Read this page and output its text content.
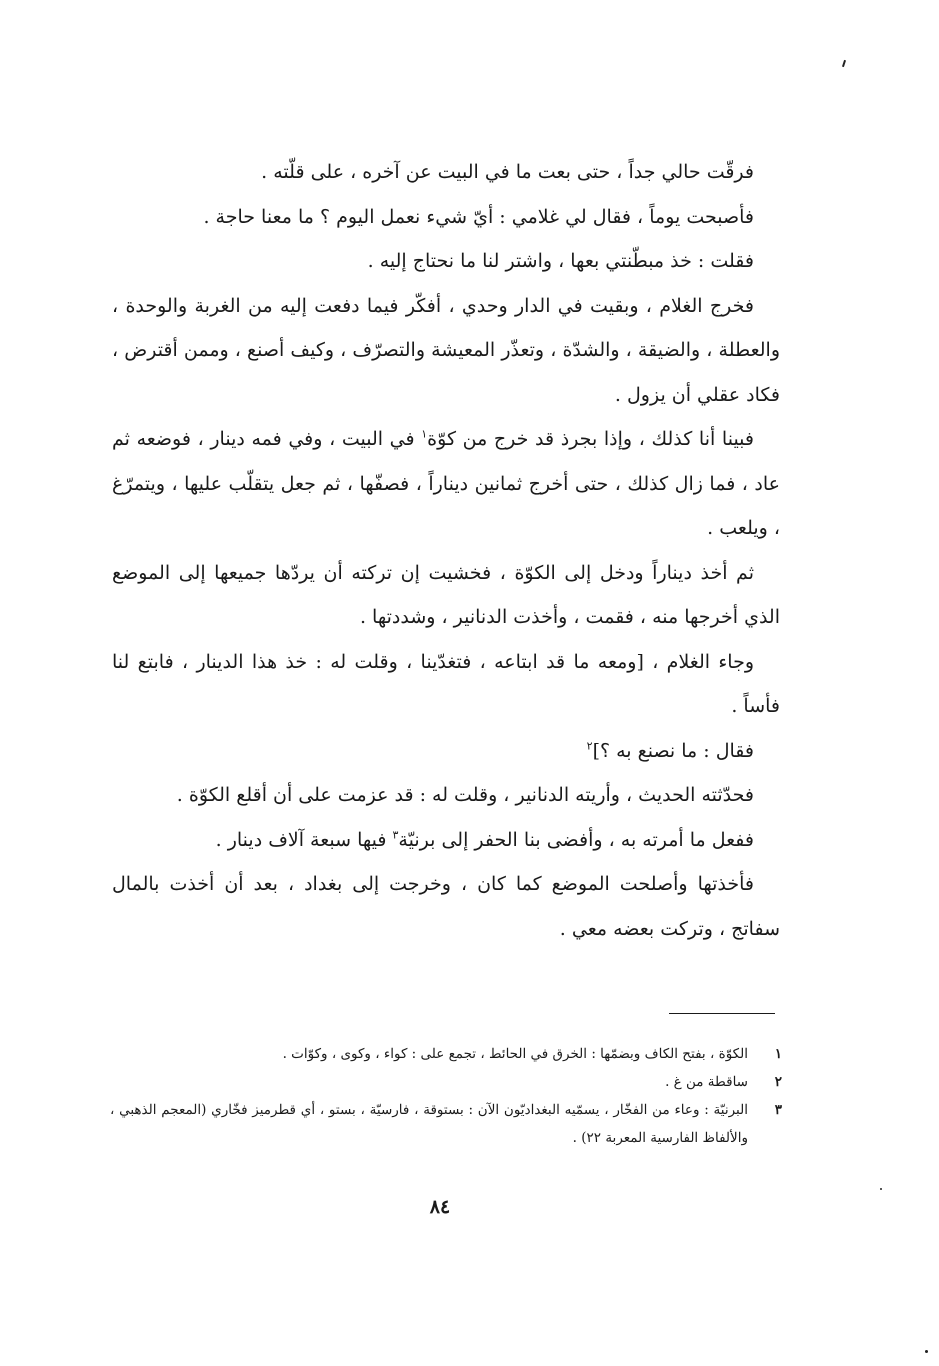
فرقّت حالي جداً ، حتى بعت ما في البيت عن آخره ، على قلّته .

فأصبحت يوماً ، فقال لي غلامي : أيّ شيء نعمل اليوم ؟ ما معنا حاجة .

فقلت : خذ مبطّنتي بعها ، واشتر لنا ما نحتاج إليه .

فخرج الغلام ، وبقيت في الدار وحدي ، أفكّر فيما دفعت إليه من الغربة والوحدة ، والعطلة ، والضيقة ، والشدّة ، وتعذّر المعيشة والتصرّف ، وكيف أصنع ، وممن أقترض ، فكاد عقلي أن يزول .

فبينا أنا كذلك ، وإذا بجرذ قد خرج من كوّة$^١$ في البيت ، وفي فمه دينار ، فوضعه ثم عاد ، فما زال كذلك ، حتى أخرج ثمانين ديناراً ، فصفّها ، ثم جعل يتقلّب عليها ، ويتمرّغ ، ويلعب .

ثم أخذ ديناراً ودخل إلى الكوّة ، فخشيت إن تركته أن يردّها جميعها إلى الموضع الذي أخرجها منه ، فقمت ، وأخذت الدنانير ، وشددتها .

وجاء الغلام ، [ومعه ما قد ابتاعه ، فتغدّينا ، وقلت له : خذ هذا الدينار ، فابتع لنا فأساً .

فقال : ما نصنع به ؟]$^٢$

فحدّثته الحديث ، وأريته الدنانير ، وقلت له : قد عزمت على أن أقلع الكوّة .

ففعل ما أمرته به ، وأفضى بنا الحفر إلى برنيّة$^٣$ فيها سبعة آلاف دينار .

فأخذتها وأصلحت الموضع كما كان ، وخرجت إلى بغداد ، بعد أن أخذت بالمال سفاتج ، وتركت بعضه معي .

١
الكوّة ، بفتح الكاف وبضمّها : الخرق في الحائط ، تجمع على : كواء ، وكوى ، وكوّات .
٢
ساقطة من غ .
٣
البرنيّة : وعاء من الفخّار ، يسمّيه البغداديّون الآن : بستوقة ، فارسيّة ، بستو ، أي قطرميز فخّاري (المعجم الذهبي ، والألفاظ الفارسية المعربة ٢٢) .
٨٤
